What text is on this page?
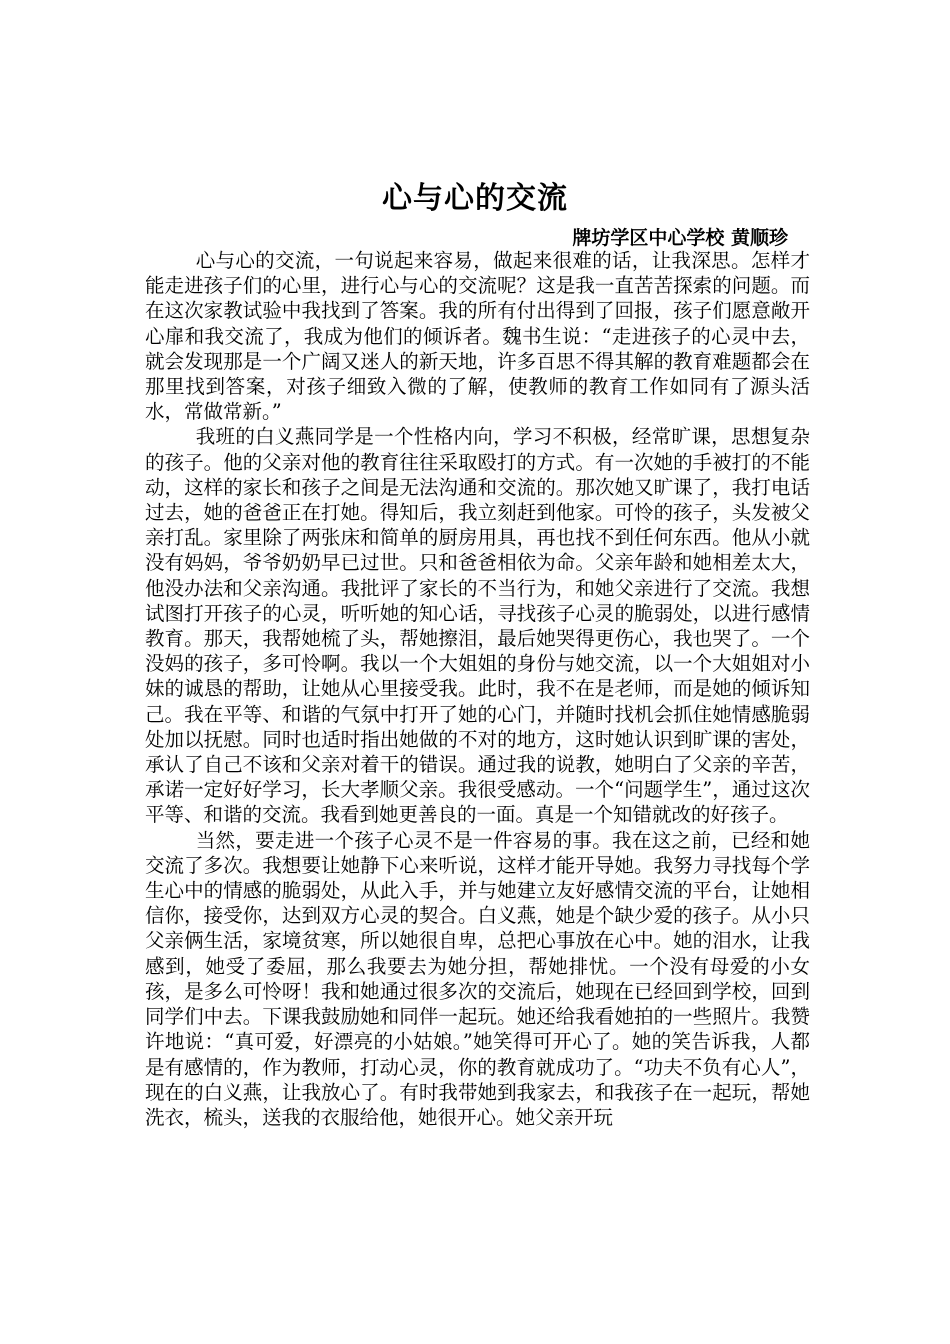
心与心的交流
牌坊学区中心学校 黄顺珍

心与心的交流，一句说起来容易，做起来很难的话，让我深思。怎样才能走进孩子们的心里，进行心与心的交流呢？这是我一直苦苦探索的问题。而在这次家教试验中我找到了答案。我的所有付出得到了回报，孩子们愿意敞开心扉和我交流了，我成为他们的倾诉者。魏书生说：“走进孩子的心灵中去，就会发现那是一个广阔又迷人的新天地，许多百思不得其解的教育难题都会在那里找到答案，对孩子细致入微的了解，使教师的教育工作如同有了源头活水，常做常新。”

我班的白义燕同学是一个性格内向，学习不积极，经常旷课，思想复杂的孩子。他的父亲对他的教育往往采取殴打的方式。有一次她的手被打的不能动，这样的家长和孩子之间是无法沟通和交流的。那次她又旷课了，我打电话过去，她的爸爸正在打她。得知后，我立刻赶到他家。可怜的孩子，头发被父亲打乱。家里除了两张床和简单的厨房用具，再也找不到任何东西。他从小就没有妈妈，爷爷奶奶早已过世。只和爸爸相依为命。父亲年龄和她相差太大，他没办法和父亲沟通。我批评了家长的不当行为，和她父亲进行了交流。我想试图打开孩子的心灵，听听她的知心话，寻找孩子心灵的脆弱处，以进行感情教育。那天，我帮她梳了头，帮她擦泪，最后她哭得更伤心，我也哭了。一个没妈的孩子，多可怜啊。我以一个大姐姐的身份与她交流，以一个大姐姐对小妹的诚恳的帮助，让她从心里接受我。此时，我不在是老师，而是她的倾诉知己。我在平等、和谐的气氛中打开了她的心门，并随时找机会抓住她情感脆弱处加以抚慰。同时也适时指出她做的不对的地方，这时她认识到旷课的害处，承认了自己不该和父亲对着干的错误。通过我的说教，她明白了父亲的辛苦，承诺一定好好学习，长大孝顺父亲。我很受感动。一个“问题学生”，通过这次平等、和谐的交流。我看到她更善良的一面。真是一个知错就改的好孩子。

当然，要走进一个孩子心灵不是一件容易的事。我在这之前，已经和她交流了多次。我想要让她静下心来听说，这样才能开导她。我努力寻找每个学生心中的情感的脆弱处，从此入手，并与她建立友好感情交流的平台，让她相信你，接受你，达到双方心灵的契合。白义燕，她是个缺少爱的孩子。从小只父亲俩生活，家境贫寒，所以她很自卑，总把心事放在心中。她的泪水，让我感到，她受了委屈，那么我要去为她分担，帮她排忧。一个没有母爱的小女孩，是多么可怜呀！我和她通过很多次的交流后，她现在已经回到学校，回到同学们中去。下课我鼓励她和同伴一起玩。她还给我看她拍的一些照片。我赞许地说：“真可爱，好漂亮的小姑娘。”她笑得可开心了。她的笑告诉我，人都是有感情的，作为教师，打动心灵，你的教育就成功了。“功夫不负有心人”，现在的白义燕，让我放心了。有时我带她到我家去，和我孩子在一起玩，帮她洗衣，梳头，送我的衣服给他，她很开心。她父亲开玩
